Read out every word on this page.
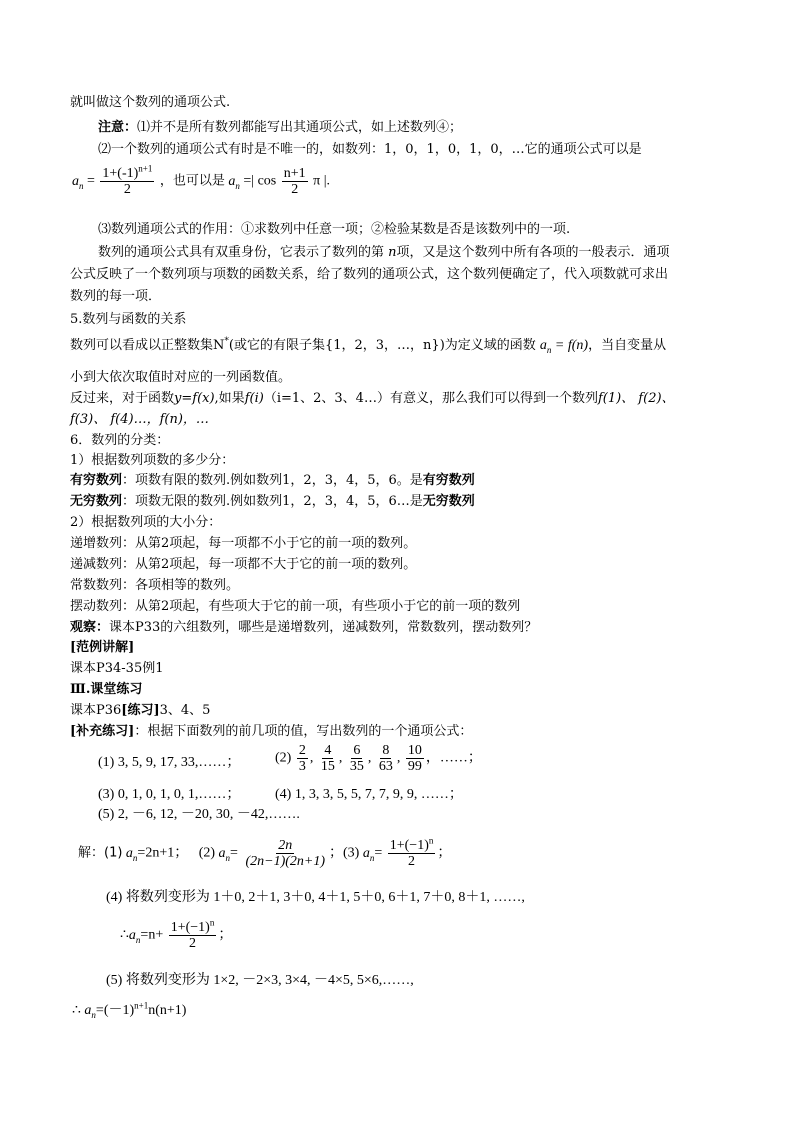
就叫做这个数列的通项公式.
注意：⑴并不是所有数列都能写出其通项公式，如上述数列④；
⑵一个数列的通项公式有时是不唯一的，如数列：1，0，1，0，1，0，…它的通项公式可以是
$a_n = \frac{1+(-1)^{n+1}}{2}$ ，也可以是 $a_n$ =| $\cos \frac{n+1}{2}$ π |.
⑶数列通项公式的作用：①求数列中任意一项；②检验某数是否是该数列中的一项.
数列的通项公式具有双重身份，它表示了数列的第 n项，又是这个数列中所有各项的一般表示．通项
公式反映了一个数列项与项数的函数关系，给了数列的通项公式，这个数列便确定了，代入项数就可求出
数列的每一项．
5.数列与函数的关系
数列可以看成以正整数集N*(或它的有限子集{1，2，3，…，n})为定义域的函数 $a_n = f(n)$，当自变量从
小到大依次取值时对应的一列函数值。
反过来，对于函数y=f(x),如果f(i)（i=1、2、3、4…）有意义，那么我们可以得到一个数列f(1)、 f(2)、
f(3)、 f(4)…，f(n)，…
6．数列的分类：
1）根据数列项数的多少分：
有穷数列：项数有限的数列.例如数列1，2，3，4，5，6。是有穷数列
无穷数列：项数无限的数列.例如数列1，2，3，4，5，6…是无穷数列
2）根据数列项的大小分：
递增数列：从第2项起，每一项都不小于它的前一项的数列。
递减数列：从第2项起，每一项都不大于它的前一项的数列。
常数数列：各项相等的数列。
摆动数列：从第2项起，有些项大于它的前一项，有些项小于它的前一项的数列
观察：课本P33的六组数列，哪些是递增数列，递减数列，常数数列，摆动数列？
[范例讲解]
课本P34-35例1
Ⅲ.课堂练习
课本P36[练习]3、4、5
[补充练习]：根据下面数列的前几项的值，写出数列的一个通项公式：
(1) 3, 5, 9, 17, 33,……； $(2) \frac{2}{3}$ , $\frac{4}{15}$ , $\frac{6}{35}$ , $\frac{8}{63}$ , $\frac{10}{99}$ ，……；
(3) 0, 1, 0, 1, 0, 1,……； (4) 1, 3, 3, 5, 5, 7, 7, 9, 9, ……；
(5) 2, －6, 12, －20, 30, －42,…….
解：(1) $a_n=2n+1$； (2) $a_n= \frac{2n}{(2n-1)(2n+1)}$ ；(3) $a_n= \frac{1+(-1)^n}{2}$ ；
(4) 将数列变形为 1＋0, 2＋1, 3＋0, 4＋1, 5＋0, 6＋1, 7＋0, 8＋1, ……,
$\therefore a_n=n+ \frac{1+(-1)^n}{2}$ ；
(5) 将数列变形为 1×2, －2×3, 3×4, －4×5, 5×6,……,
∴ $a_n=(-1)^{n+1}n(n+1)$
